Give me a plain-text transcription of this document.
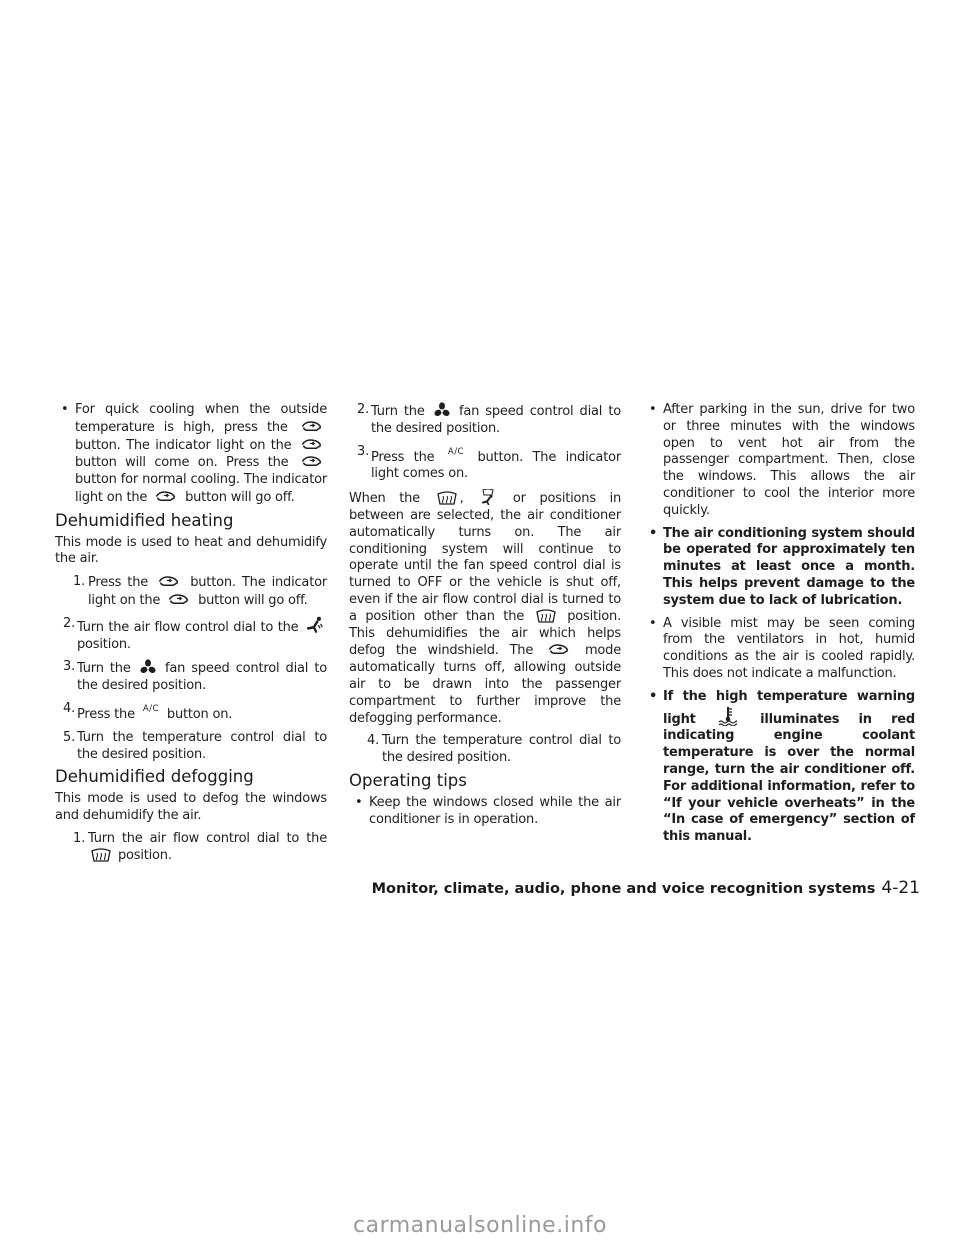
• For quick cooling when the outside temperature is high, press the
button. The indicator light on the
button will come on. Press the
button for normal cooling. The indicator light on the	button will go off.
Dehumidified heating

This mode is used to heat and dehumidify the air.

1. Press the	button. The indicator light on the	button will go off.
2. Turn the air flow control dial to the
position.
3. Turn the	fan speed control dial to the desired position.
4. Press the $^{A/C}$ button on.
5. Turn the temperature control dial to the desired position.
Dehumidified defogging

This mode is used to defog the windows and dehumidify the air.

1. Turn the air flow control dial to the
position.
2. Turn the	fan speed control dial to the desired position.
3. Press the $^{A/C}$ button. The indicator light comes on.

When the	,	or positions in between are selected, the air conditioner automatically turns on. The air conditioning system will continue to operate until the fan speed control dial is turned to OFF or the vehicle is shut off, even if the air flow control dial is turned to a position other than the	position. This dehumidifies the air which helps defog the windshield. The	mode automatically turns off, allowing outside air to be drawn into the passenger compartment to further improve the defogging performance.

4. Turn the temperature control dial to the desired position.
Operating tips
• Keep the windows closed while the air conditioner is in operation.
• After parking in the sun, drive for two or three minutes with the windows open to vent hot air from the passenger compartment. Then, close the windows. This allows the air conditioner to cool the interior more quickly.
• The air conditioning system should be operated for approximately ten minutes at least once a month. This helps prevent damage to the system due to lack of lubrication.
• A visible mist may be seen coming from the ventilators in hot, humid conditions as the air is cooled rapidly. This does not indicate a malfunction.
• If the high temperature warning light	illuminates in red indicating engine coolant temperature is over the normal range, turn the air conditioner off. For additional information, refer to “If your vehicle overheats” in the “In case of emergency” section of this manual.
Monitor, climate, audio, phone and voice recognition systems 4-21
carmanualsonline.info
